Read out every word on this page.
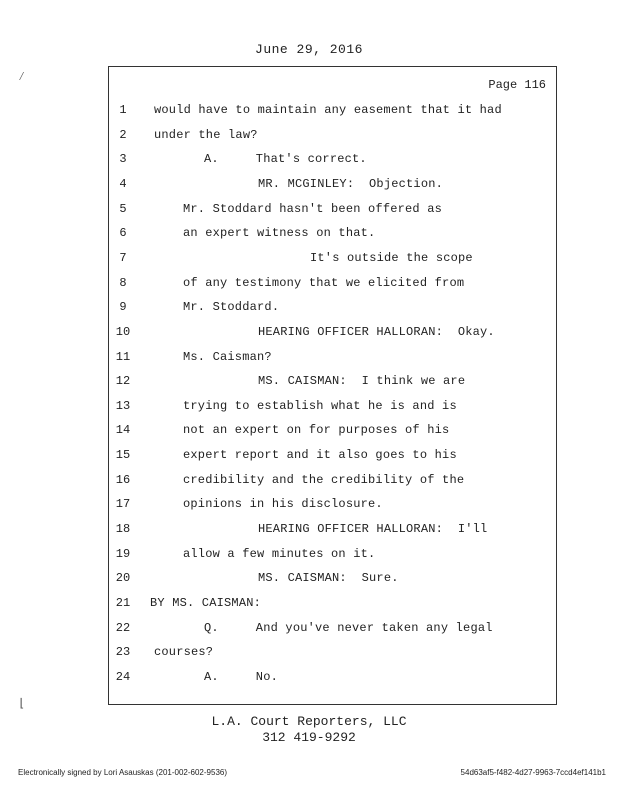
June 29, 2016
Page 116
1	would have to maintain any easement that it had
2	under the law?
3	A.     That's correct.
4	MR. MCGINLEY:  Objection.
5	Mr. Stoddard hasn't been offered as
6	an expert witness on that.
7	It's outside the scope
8	of any testimony that we elicited from
9	Mr. Stoddard.
10	HEARING OFFICER HALLORAN:  Okay.
11	Ms. Caisman?
12	MS. CAISMAN:  I think we are
13	trying to establish what he is and is
14	not an expert on for purposes of his
15	expert report and it also goes to his
16	credibility and the credibility of the
17	opinions in his disclosure.
18	HEARING OFFICER HALLORAN:  I'll
19	allow a few minutes on it.
20	MS. CAISMAN:  Sure.
21	BY MS. CAISMAN:
22	Q.     And you've never taken any legal
23	courses?
24	A.     No.
L.A. Court Reporters, LLC
312 419-9292
Electronically signed by Lori Asauskas (201-002-602-9536)	54d63af5-f482-4d27-9963-7ccd4ef141b1
⁄
⌊
